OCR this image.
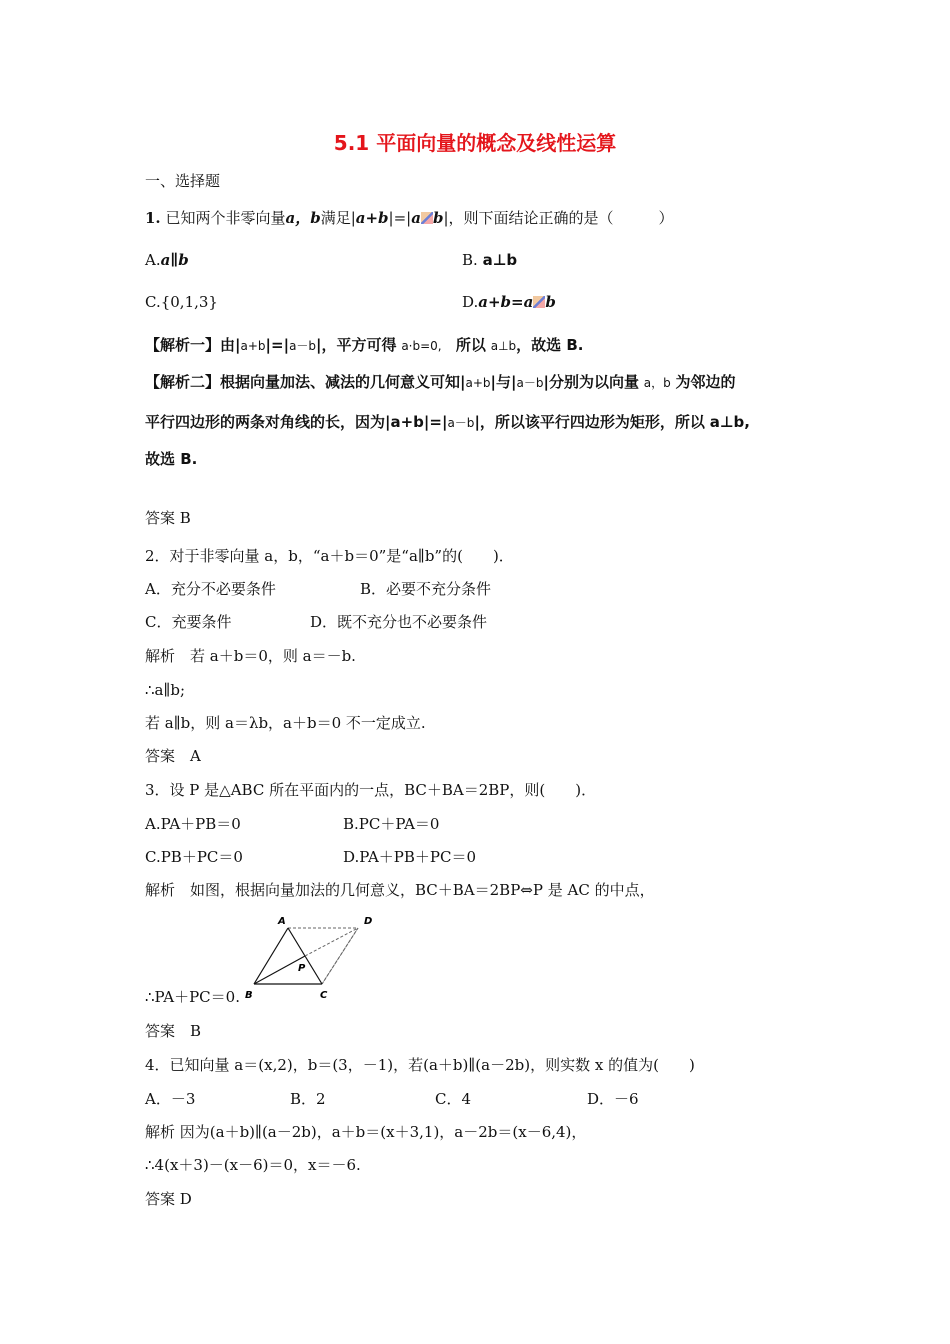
5.1 平面向量的概念及线性运算
一、选择题
1. 已知两个非零向量a，b满足|a+b|=|a b|，则下面结论正确的是（　　　）
A.a∥b	B. a⊥b
C.{0,1,3}	D.a+b=a b
【解析一】由|a+b|=|a－b|，平方可得 a·b=0, 所以 a⊥b，故选 B.
【解析二】根据向量加法、减法的几何意义可知|a+b|与|a－b|分别为以向量 a，b 为邻边的
平行四边形的两条对角线的长，因为|a+b|=|a－b|，所以该平行四边形为矩形，所以 a⊥b,
故选 B.
答案 B
2．对于非零向量 a，b，“a＋b＝0”是“a∥b”的(　　)．
A．充分不必要条件	B．必要不充分条件
C．充要条件	D．既不充分也不必要条件
解析　若 a＋b＝0，则 a＝－b.
∴a∥b;
若 a∥b，则 a＝λb，a＋b＝0 不一定成立.
答案　A
3．设 P 是△ABC 所在平面内的一点，BC＋BA＝2BP，则(　　)．
A.PA＋PB＝0	B.PC＋PA＝0
C.PB＋PC＝0	D.PA＋PB＋PC＝0
解析　如图，根据向量加法的几何意义，BC＋BA＝2BP⇔P 是 AC 的中点，
A	D
P
B	C
∴PA＋PC＝0.
答案　B
4．已知向量 a＝(x,2)，b＝(3，－1)，若(a＋b)∥(a－2b)，则实数 x 的值为(　　)
A．－3	B．2	C．4	D．－6
解析 因为(a＋b)∥(a－2b)，a＋b＝(x＋3,1)，a－2b＝(x－6,4)，
∴4(x＋3)－(x－6)＝0，x＝－6.
答案 D
